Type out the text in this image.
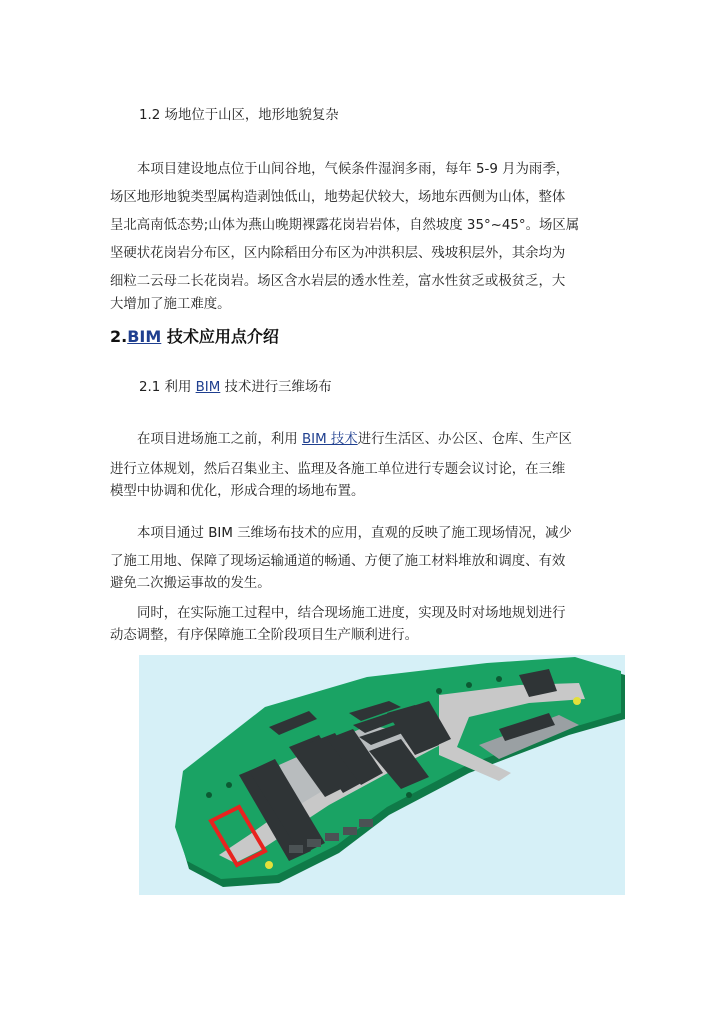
1.2 场地位于山区，地形地貌复杂
本项目建设地点位于山间谷地，气候条件湿润多雨，每年 5-9 月为雨季，
场区地形地貌类型属构造剥蚀低山，地势起伏较大，场地东西侧为山体，整体
呈北高南低态势;山体为燕山晚期裸露花岗岩岩体，自然坡度 35°~45°。场区属
坚硬状花岗岩分布区，区内除稻田分布区为冲洪积层、残坡积层外，其余均为
细粒二云母二长花岗岩。场区含水岩层的透水性差，富水性贫乏或极贫乏，大
大增加了施工难度。
2.BIM 技术应用点介绍
2.1 利用 BIM 技术进行三维场布
在项目进场施工之前，利用 BIM 技术进行生活区、办公区、仓库、生产区
进行立体规划，然后召集业主、监理及各施工单位进行专题会议讨论，在三维
模型中协调和优化，形成合理的场地布置。
本项目通过 BIM 三维场布技术的应用，直观的反映了施工现场情况，减少
了施工用地、保障了现场运输通道的畅通、方便了施工材料堆放和调度、有效
避免二次搬运事故的发生。
同时，在实际施工过程中，结合现场施工进度，实现及时对场地规划进行
动态调整，有序保障施工全阶段项目生产顺利进行。
